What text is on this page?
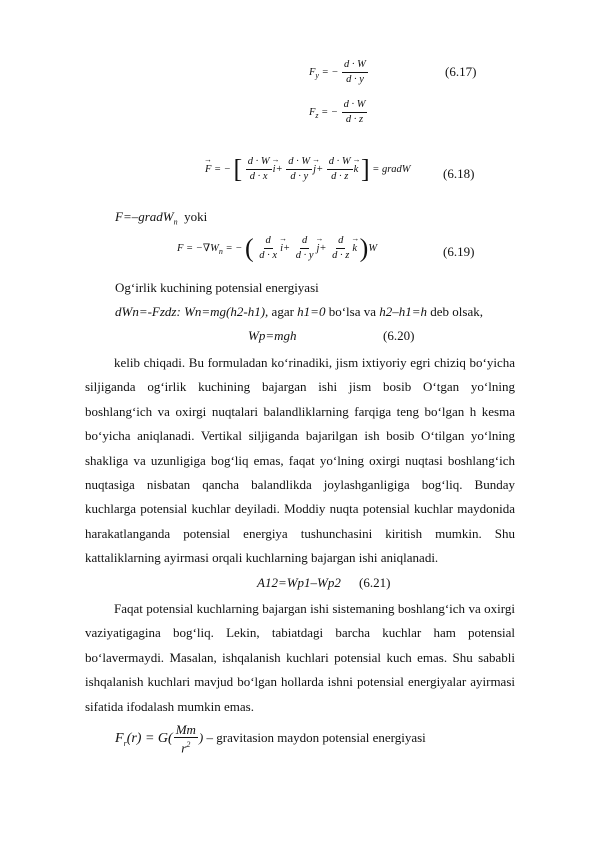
$F_y$ = − $\frac{d \cdot W}{d \cdot y}$	(6.17)
$F_z$ = − $\frac{d \cdot W}{d \cdot z}$
→ F = − [ $\frac{d \cdot W}{d \cdot x}$
→ $i+ \frac{d \cdot W}{d \cdot y}$
→ $j+ \frac{d \cdot W}{d \cdot z}$
→ k ] = gradW (6.18)
F=–gradW$_n$ yoki
$F = -\nabla W_n$ = − ( $\frac{d}{d \cdot x}$
→ $i+ \frac{d}{d \cdot y}$
→ $j+ \frac{d}{d \cdot z}$
→ k )W	(6.19)
Og‘irlik kuchining potensial energiyasi
dWn=-Fzdz: Wn=mg(h2-h1), agar h1=0 bo‘lsa va h2–h1=h deb olsak,
Wp=mgh	(6.20)
kelib chiqadi. Bu formuladan ko‘rinadiki, jism ixtiyoriy egri chiziq bo‘yicha siljiganda og‘irlik kuchining bajargan ishi jism bosib O‘tgan yo‘lning boshlang‘ich va oxirgi nuqtalari balandliklarning farqiga teng bo‘lgan h kesma bo‘yicha aniqlanadi. Vertikal siljiganda bajarilgan ish bosib O‘tilgan yo‘lning shakliga va uzunligiga bog‘liq emas, faqat yo‘lning oxirgi nuqtasi boshlang‘ich nuqtasiga nisbatan qancha balandlikda joylashganligiga bog‘liq. Bunday kuchlarga potensial kuchlar deyiladi. Moddiy nuqta potensial kuchlar maydonida harakatlanganda potensial energiya tushunchasini kiritish mumkin. Shu kattaliklarning ayirmasi orqali kuchlarning bajargan ishi aniqlanadi.
A12=Wp1–Wp2 (6.21)
Faqat potensial kuchlarning bajargan ishi sistemaning boshlang‘ich va oxirgi vaziyatigagina bog‘liq. Lekin, tabiatdagi barcha kuchlar ham potensial bo‘lavermaydi. Masalan, ishqalanish kuchlari potensial kuch emas. Shu sababli ishqalanish kuchlari mavjud bo‘lgan hollarda ishni potensial energiyalar ayirmasi sifatida ifodalash mumkin emas.
$F_r(r) = G( \frac{Mm}{r^2}$ ) – gravitasion maydon potensial energiyasi
